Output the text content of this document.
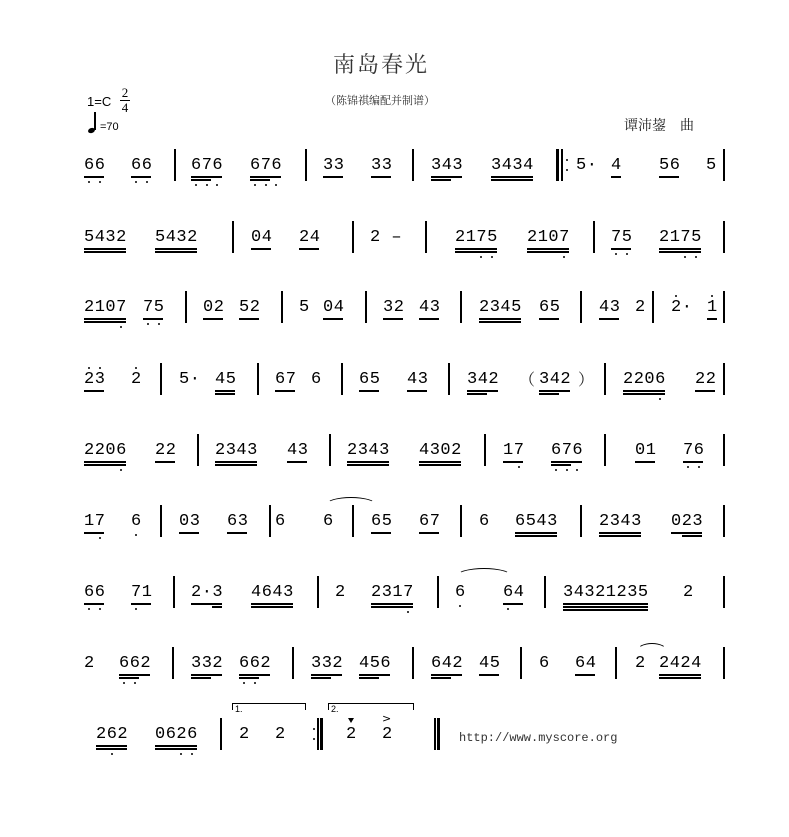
南岛春光
（陈锦祺编配并制谱）
谭沛鋆　曲
1=C
2
4
=70
66 66 676 676 33 33 343 3434 5· 4 56 5
5432 5432	04 24	2 –	2175 2107 75 2175
2107 75 02 52 5 04 32 43 2345 65 43 2 2· 1
23 2 5· 45 67 6 65 43 342 342	2206 22
（	）
2206 22 2343 43 2343 4302 17 676	01 76
17 6 03 63 6 6 65 67 6 6543 2343 023
66 71 2·3 4643 2 2317 6 64 34321235 2
2 662 332 662 332 456 642 45 6 64 2 2424
262 0626 2 2	2 2
>
1.	2.
http://www.myscore.org
